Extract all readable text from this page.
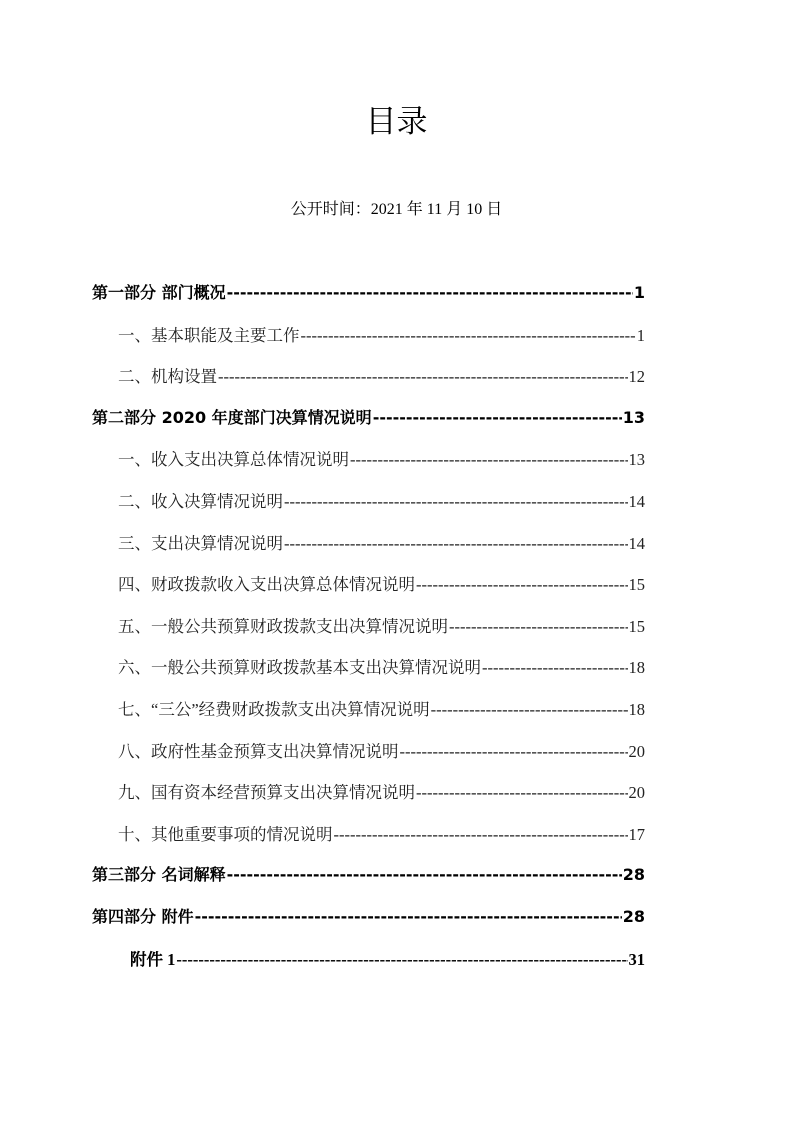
目录
公开时间：2021 年 11 月 10 日
第一部分 部门概况 -----	1
一、基本职能及主要工作 -----	1
二、机构设置 -----	12
第二部分 2020 年度部门决算情况说明 -----	13
一、收入支出决算总体情况说明 -----	13
二、收入决算情况说明 -----	14
三、支出决算情况说明 -----	14
四、财政拨款收入支出决算总体情况说明 -----	15
五、一般公共预算财政拨款支出决算情况说明 -----	15
六、一般公共预算财政拨款基本支出决算情况说明 -----	18
七、“三公”经费财政拨款支出决算情况说明 -----	18
八、政府性基金预算支出决算情况说明 -----	20
九、国有资本经营预算支出决算情况说明 -----	20
十、其他重要事项的情况说明 -----	17
第三部分 名词解释 -----	28
第四部分 附件 -----	28
附件 1 -----	31
